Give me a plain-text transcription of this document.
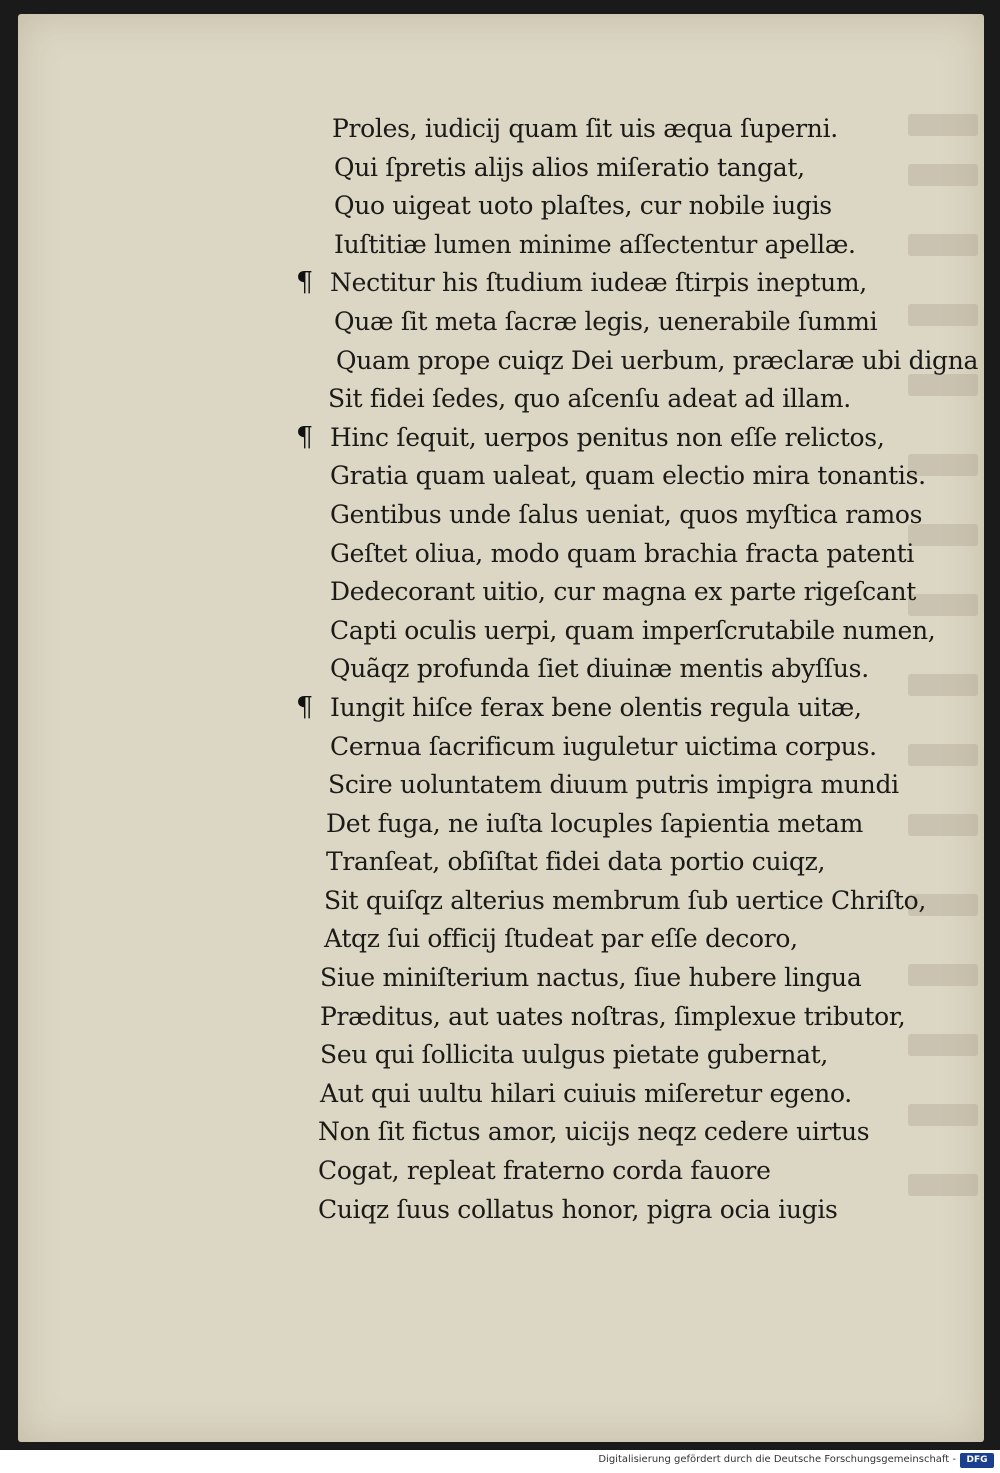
Proles, iudicij quam ſit uis æqua ſuperni.
Qui ſpretis alijs alios miſeratio tangat,
Quo uigeat uoto plaſtes, cur nobile iugis
Iuſtitiæ lumen minime aſſectentur apellæ.
¶ Nectitur his ſtudium iudeæ ſtirpis ineptum,
Quæ ſit meta ſacræ legis, uenerabile ſummi
Quam prope cuiqz Dei uerbum, præclaræ ubi digna
Sit fidei ſedes, quo aſcenſu adeat ad illam.
¶ Hinc ſequit, uerpos penitus non eſſe relictos,
Gratia quam ualeat, quam electio mira tonantis.
Gentibus unde ſalus ueniat, quos myſtica ramos
Geſtet oliua, modo quam brachia fracta patenti
Dedecorant uitio, cur magna ex parte rigeſcant
Capti oculis uerpi, quam imperſcrutabile numen,
Quãqz profunda ſiet diuinæ mentis abyſſus.
¶ Iungit hiſce ferax bene olentis regula uitæ,
Cernua ſacrificum iuguletur uictima corpus.
Scire uoluntatem diuum putris impigra mundi
Det fuga, ne iuſta locuples ſapientia metam
Tranſeat, obſiſtat fidei data portio cuiqz,
Sit quiſqz alterius membrum ſub uertice Chriſto,
Atqz ſui officij ſtudeat par eſſe decoro,
Siue miniſterium nactus, ſiue hubere lingua
Præditus, aut uates noſtras, ſimplexue tributor,
Seu qui ſollicita uulgus pietate gubernat,
Aut qui uultu hilari cuiuis miſeretur egeno.
Non ſit fictus amor, uicijs neqz cedere uirtus
Cogat, repleat fraterno corda fauore
Cuiqz ſuus collatus honor, pigra ocia iugis
Digitalisierung gefördert durch die Deutsche Forschungsgemeinschaft -	DFG
